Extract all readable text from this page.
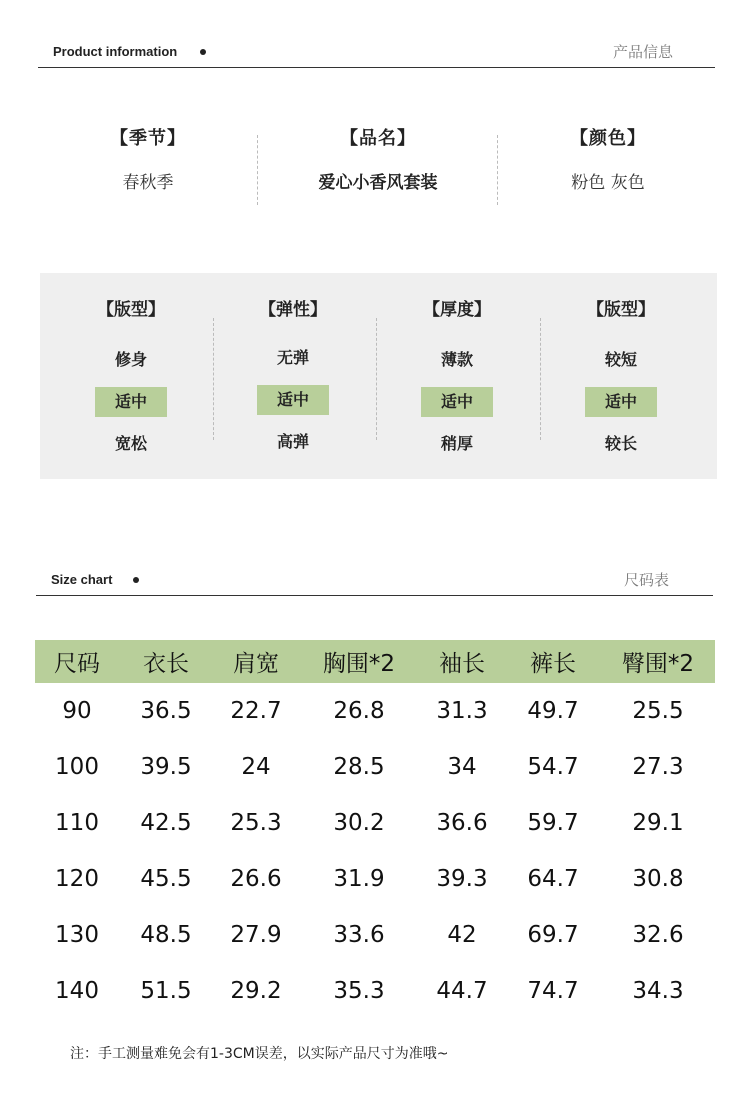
Product information	产品信息
【季节】
春秋季
【品名】
爱心小香风套装
【颜色】
粉色 灰色
【版型】
修身
适中
宽松
【弹性】
无弹
适中
高弹
【厚度】
薄款
适中
稍厚
【版型】
较短
适中
较长
Size chart	尺码表
尺码	衣长	肩宽	胸围*2	袖长	裤长	臀围*2
90	36.5	22.7	26.8	31.3	49.7	25.5
100	39.5	24	28.5	34	54.7	27.3
110	42.5	25.3	30.2	36.6	59.7	29.1
120	45.5	26.6	31.9	39.3	64.7	30.8
130	48.5	27.9	33.6	42	69.7	32.6
140	51.5	29.2	35.3	44.7	74.7	34.3
注：手工测量难免会有1-3CM误差，以实际产品尺寸为准哦~
